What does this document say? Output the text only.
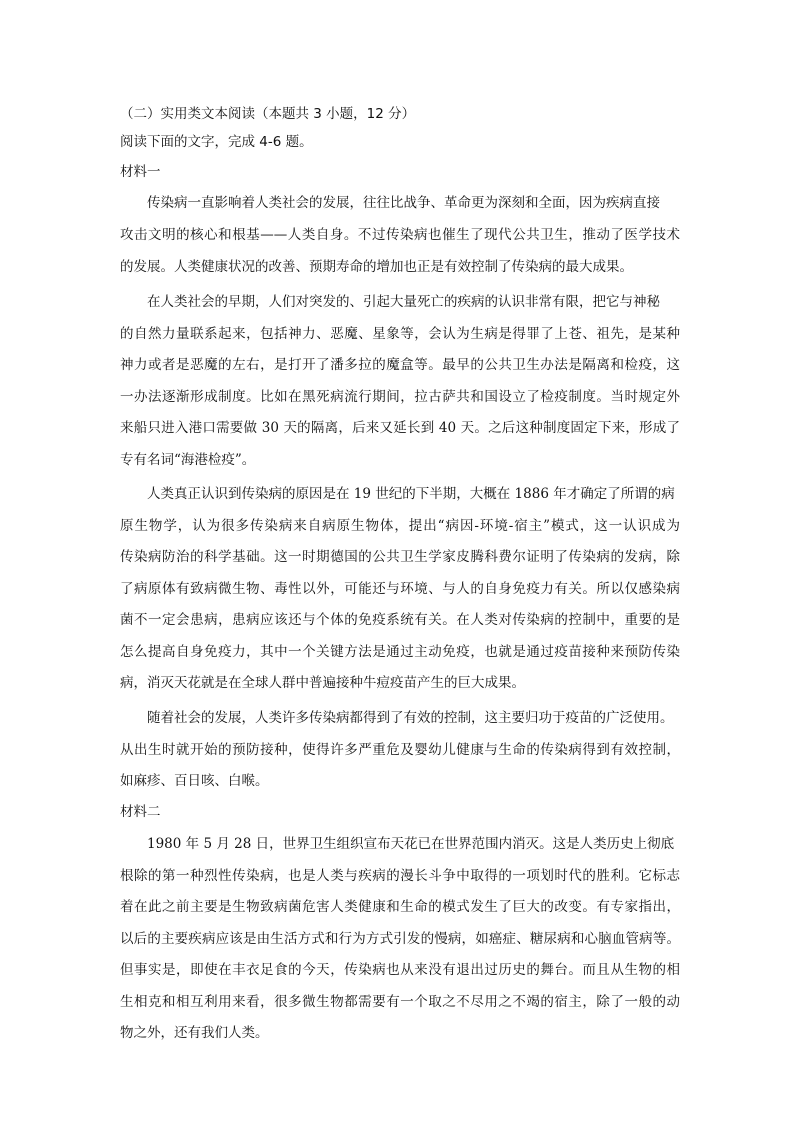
（二）实用类文本阅读（本题共 3 小题，12 分）
阅读下面的文字，完成 4-6 题。
材料一
传染病一直影响着人类社会的发展，往往比战争、革命更为深刻和全面，因为疾病直接
攻击文明的核心和根基——人类自身。不过传染病也催生了现代公共卫生，推动了医学技术
的发展。人类健康状况的改善、预期寿命的增加也正是有效控制了传染病的最大成果。
在人类社会的早期，人们对突发的、引起大量死亡的疾病的认识非常有限，把它与神秘
的自然力量联系起来，包括神力、恶魔、星象等，会认为生病是得罪了上苍、祖先，是某种
神力或者是恶魔的左右，是打开了潘多拉的魔盒等。最早的公共卫生办法是隔离和检疫，这
一办法逐渐形成制度。比如在黑死病流行期间，拉古萨共和国设立了检疫制度。当时规定外
来船只进入港口需要做 30 天的隔离，后来又延长到 40 天。之后这种制度固定下来，形成了
专有名词“海港检疫”。
人类真正认识到传染病的原因是在 19 世纪的下半期，大概在 1886 年才确定了所谓的病
原生物学，认为很多传染病来自病原生物体，提出“病因-环境-宿主”模式，这一认识成为
传染病防治的科学基础。这一时期德国的公共卫生学家皮腾科费尔证明了传染病的发病，除
了病原体有致病微生物、毒性以外，可能还与环境、与人的自身免疫力有关。所以仅感染病
菌不一定会患病，患病应该还与个体的免疫系统有关。在人类对传染病的控制中，重要的是
怎么提高自身免疫力，其中一个关键方法是通过主动免疫，也就是通过疫苗接种来预防传染
病，消灭天花就是在全球人群中普遍接种牛痘疫苗产生的巨大成果。
随着社会的发展，人类许多传染病都得到了有效的控制，这主要归功于疫苗的广泛使用。
从出生时就开始的预防接种，使得许多严重危及婴幼儿健康与生命的传染病得到有效控制，
如麻疹、百日咳、白喉。
材料二
1980 年 5 月 28 日，世界卫生组织宣布天花已在世界范围内消灭。这是人类历史上彻底
根除的第一种烈性传染病，也是人类与疾病的漫长斗争中取得的一项划时代的胜利。它标志
着在此之前主要是生物致病菌危害人类健康和生命的模式发生了巨大的改变。有专家指出，
以后的主要疾病应该是由生活方式和行为方式引发的慢病，如癌症、糖尿病和心脑血管病等。
但事实是，即使在丰衣足食的今天，传染病也从来没有退出过历史的舞台。而且从生物的相
生相克和相互利用来看，很多微生物都需要有一个取之不尽用之不竭的宿主，除了一般的动
物之外，还有我们人类。
